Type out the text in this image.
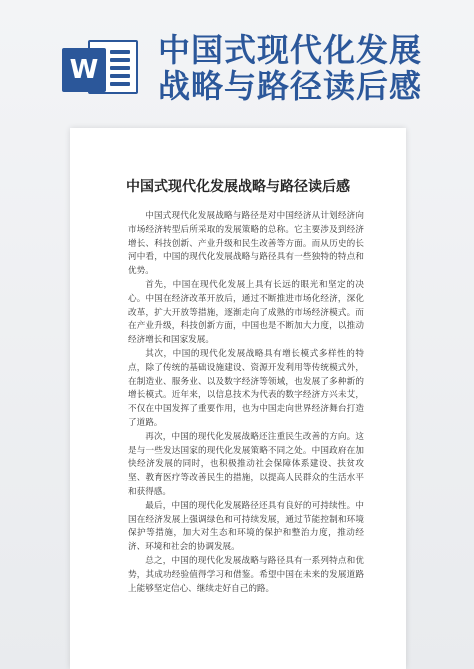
W
中国式现代化发展
战略与路径读后感
中国式现代化发展战略与路径读后感

中国式现代化发展战略与路径是对中国经济从计划经济向市场经济转型后所采取的发展策略的总称。它主要涉及到经济增长、科技创新、产业升级和民生改善等方面。而从历史的长河中看，中国的现代化发展战略与路径具有一些独特的特点和优势。

首先，中国在现代化发展上具有长远的眼光和坚定的决心。中国在经济改革开放后，通过不断推进市场化经济，深化改革，扩大开放等措施，逐渐走向了成熟的市场经济模式。而在产业升级，科技创新方面，中国也是不断加大力度，以推动经济增长和国家发展。

其次，中国的现代化发展战略具有增长模式多样性的特点，除了传统的基础设施建设、资源开发利用等传统模式外，在制造业、服务业、以及数字经济等领域，也发展了多种新的增长模式。近年来，以信息技术为代表的数字经济方兴未艾，不仅在中国发挥了重要作用，也为中国走向世界经济舞台打造了道路。

再次，中国的现代化发展战略还注重民生改善的方向。这是与一些发达国家的现代化发展策略不同之处。中国政府在加快经济发展的同时，也积极推动社会保障体系建设、扶贫攻坚、教育医疗等改善民生的措施，以提高人民群众的生活水平和获得感。

最后，中国的现代化发展路径还具有良好的可持续性。中国在经济发展上强调绿色和可持续发展，通过节能控制和环境保护等措施，加大对生态和环境的保护和整治力度，推动经济、环境和社会的协调发展。

总之，中国的现代化发展战略与路径具有一系列特点和优势，其成功经验值得学习和借鉴。希望中国在未来的发展道路上能够坚定信心、继续走好自己的路。
